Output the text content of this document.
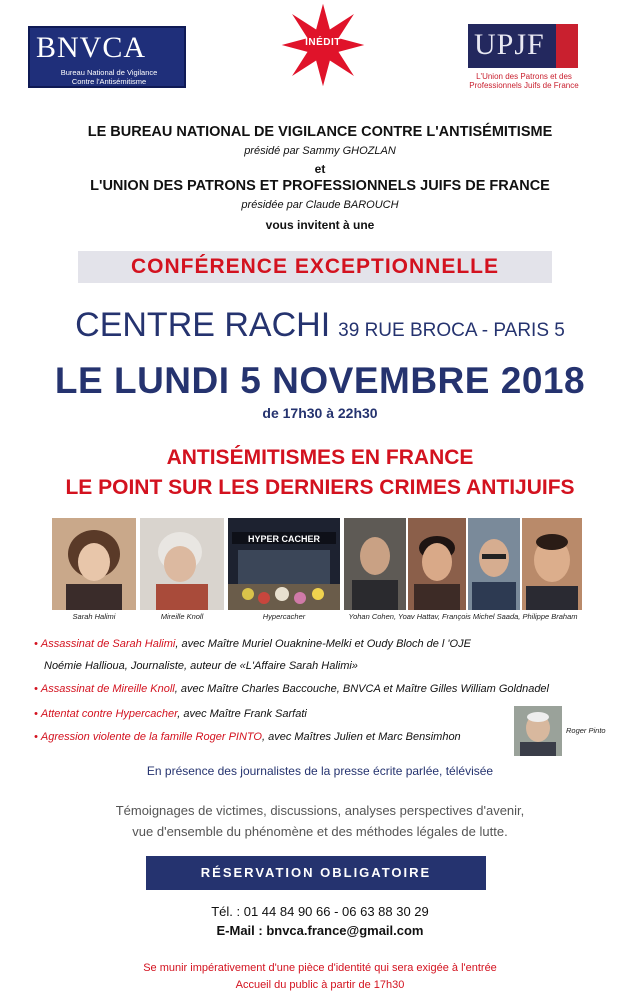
BNVCA
Bureau National de Vigilance
Contre l'Antisémitisme
INÉDIT	UPJF
L'Union des Patrons et des
Professionnels Juifs de France
LE BUREAU NATIONAL DE VIGILANCE CONTRE L'ANTISÉMITISME
présidé par Sammy GHOZLAN
et
L'UNION DES PATRONS ET PROFESSIONNELS JUIFS DE FRANCE
présidée par Claude BAROUCH
vous invitent à une
CONFÉRENCE EXCEPTIONNELLE
CENTRE RACHI 39 RUE BROCA - PARIS 5
LE LUNDI 5 NOVEMBRE 2018
de 17h30 à 22h30
ANTISÉMITISMES EN FRANCE
LE POINT SUR LES DERNIERS CRIMES ANTIJUIFS
HYPER CACHER
Sarah Halimi	Mireille Knoll	Hypercacher	Yohan Cohen, Yoav Hattav, François Michel Saada, Philippe Braham
• Assassinat de Sarah Halimi, avec Maître Muriel Ouaknine-Melki et Oudy Bloch de l 'OJE
Noémie Hallioua, Journaliste, auteur de «L'Affaire Sarah Halimi»
• Assassinat de Mireille Knoll, avec Maître Charles Baccouche, BNVCA et Maître Gilles William Goldnadel
• Attentat contre Hypercacher, avec Maître Frank Sarfati
• Agression violente de la famille Roger PINTO, avec Maîtres Julien et Marc Bensimhon
Roger Pinto
En présence des journalistes de la presse écrite parlée, télévisée
Témoignages de victimes, discussions, analyses perspectives d'avenir,
vue d'ensemble du phénomène et des méthodes légales de lutte.
RÉSERVATION OBLIGATOIRE
Tél. : 01 44 84 90 66 - 06 63 88 30 29
E-Mail : bnvca.france@gmail.com
Se munir impérativement d'une pièce d'identité qui sera exigée à l'entrée
Accueil du public à partir de 17h30
